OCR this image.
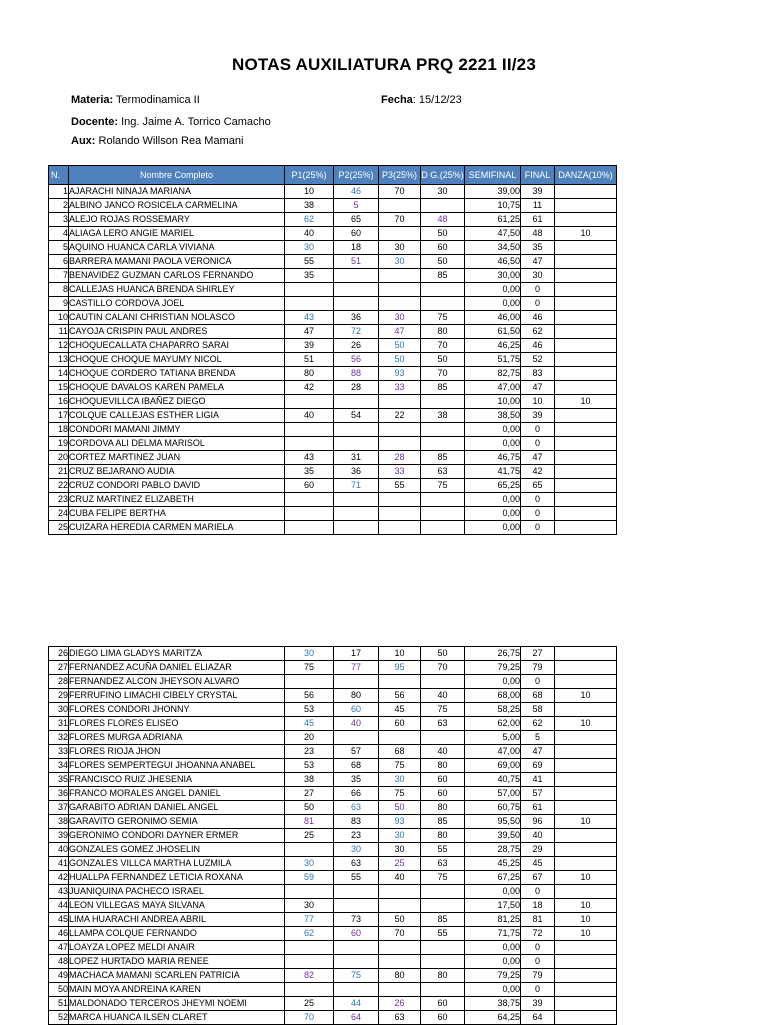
NOTAS AUXILIATURA PRQ 2221 II/23
Materia: Termodinamica II	Fecha: 15/12/23
Docente: Ing. Jaime A. Torrico Camacho
Aux: Rolando Willson Rea Mamani
N.	Nombre Completo	P1(25%)	P2(25%)	P3(25%)	D G.(25%)	SEMIFINAL	FINAL	DANZA(10%)
1	AJARACHI NINAJA MARIANA	10	46	70	30	39,00	39	
2	ALBINO JANCO ROSICELA CARMELINA	38	5			10,75	11	
3	ALEJO ROJAS ROSSEMARY	62	65	70	48	61,25	61	
4	ALIAGA LERO ANGIE MARIEL	40	60		50	47,50	48	10
5	AQUINO HUANCA CARLA VIVIANA	30	18	30	60	34,50	35	
6	BARRERA MAMANI PAOLA VERONICA	55	51	30	50	46,50	47	
7	BENAVIDEZ GUZMAN CARLOS FERNANDO	35			85	30,00	30	
8	CALLEJAS HUANCA BRENDA SHIRLEY					0,00	0	
9	CASTILLO CORDOVA JOEL					0,00	0	
10	CAUTIN CALANI CHRISTIAN NOLASCO	43	36	30	75	46,00	46	
11	CAYOJA CRISPIN PAUL ANDRES	47	72	47	80	61,50	62	
12	CHOQUECALLATA CHAPARRO SARAI	39	26	50	70	46,25	46	
13	CHOQUE CHOQUE MAYUMY NICOL	51	56	50	50	51,75	52	
14	CHOQUE CORDERO TATIANA BRENDA	80	88	93	70	82,75	83	
15	CHOQUE DAVALOS KAREN PAMELA	42	28	33	85	47,00	47	
16	CHOQUEVILLCA IBAÑEZ DIEGO					10,00	10	10
17	COLQUE CALLEJAS ESTHER LIGIA	40	54	22	38	38,50	39	
18	CONDORI MAMANI JIMMY					0,00	0	
19	CORDOVA ALI DELMA MARISOL					0,00	0	
20	CORTEZ MARTINEZ JUAN	43	31	28	85	46,75	47	
21	CRUZ BEJARANO AUDIA	35	36	33	63	41,75	42	
22	CRUZ CONDORI PABLO DAVID	60	71	55	75	65,25	65	
23	CRUZ MARTINEZ ELIZABETH					0,00	0	
24	CUBA FELIPE BERTHA					0,00	0	
25	CUIZARA HEREDIA CARMEN MARIELA					0,00	0	
26	DIEGO LIMA GLADYS MARITZA	30	17	10	50	26,75	27	
27	FERNANDEZ ACUÑA DANIEL ELIAZAR	75	77	95	70	79,25	79	
28	FERNANDEZ ALCON JHEYSON ALVARO					0,00	0	
29	FERRUFINO LIMACHI CIBELY CRYSTAL	56	80	56	40	68,00	68	10
30	FLORES CONDORI JHONNY	53	60	45	75	58,25	58	
31	FLORES FLORES ELISEO	45	40	60	63	62,00	62	10
32	FLORES MURGA ADRIANA	20				5,00	5	
33	FLORES RIOJA JHON	23	57	68	40	47,00	47	
34	FLORES SEMPERTEGUI JHOANNA ANABEL	53	68	75	80	69,00	69	
35	FRANCISCO RUIZ JHESENIA	38	35	30	60	40,75	41	
36	FRANCO MORALES ANGEL DANIEL	27	66	75	60	57,00	57	
37	GARABITO ADRIAN DANIEL ANGEL	50	63	50	80	60,75	61	
38	GARAVITO GERONIMO SEMIA	81	83	93	85	95,50	96	10
39	GERONIMO CONDORI DAYNER ERMER	25	23	30	80	39,50	40	
40	GONZALES GOMEZ JHOSELIN		30	30	55	28,75	29	
41	GONZALES VILLCA MARTHA LUZMILA	30	63	25	63	45,25	45	
42	HUALLPA FERNANDEZ LETICIA ROXANA	59	55	40	75	67,25	67	10
43	JUANIQUINA PACHECO ISRAEL					0,00	0	
44	LEON VILLEGAS MAYA SILVANA	30				17,50	18	10
45	LIMA HUARACHI ANDREA ABRIL	77	73	50	85	81,25	81	10
46	LLAMPA COLQUE FERNANDO	62	60	70	55	71,75	72	10
47	LOAYZA LOPEZ MELDI ANAIR					0,00	0	
48	LOPEZ HURTADO MARIA RENEE					0,00	0	
49	MACHACA MAMANI SCARLEN PATRICIA	82	75	80	80	79,25	79	
50	MAIN MOYA ANDREINA KAREN					0,00	0	
51	MALDONADO TERCEROS JHEYMI NOEMI	25	44	26	60	38,75	39	
52	MARCA HUANCA ILSEN CLARET	70	64	63	60	64,25	64	
